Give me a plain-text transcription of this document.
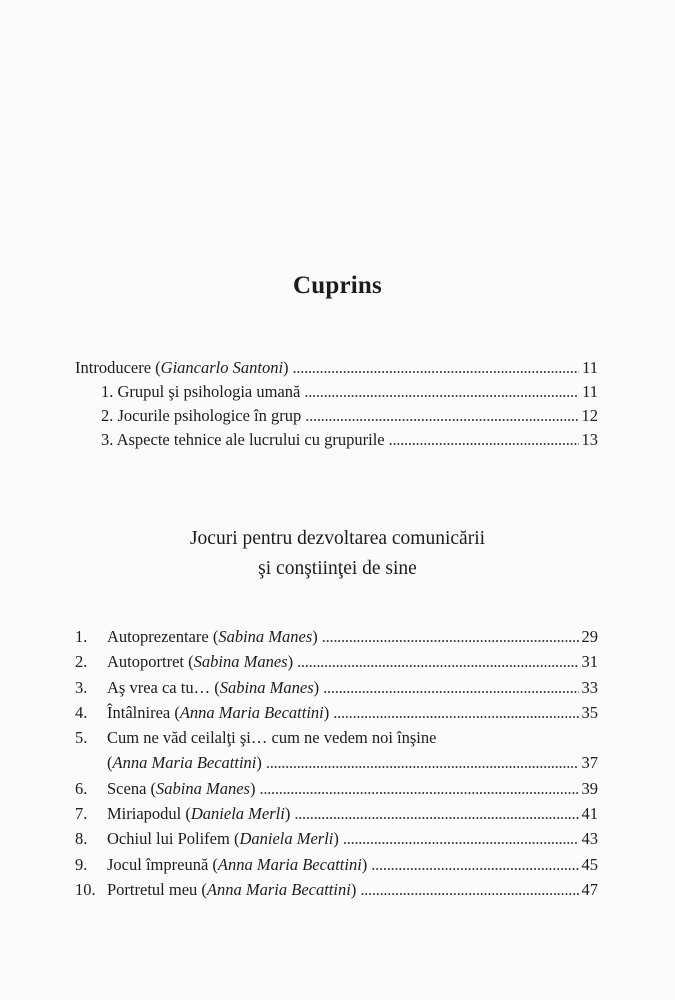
Cuprins
Introducere (Giancarlo Santoni) . . .	11
1. Grupul şi psihologia umană . . .	11
2. Jocurile psihologice în grup . . .	12
3. Aspecte tehnice ale lucrului cu grupurile . . .	13
Jocuri pentru dezvoltarea comunicării
şi conştiinţei de sine
1.	Autoprezentare (Sabina Manes) . . .	29
2.	Autoportret (Sabina Manes) . . .	31
3.	Aş vrea ca tu… (Sabina Manes) . . .	33
4.	Întâlnirea (Anna Maria Becattini) . . .	35
5.	Cum ne văd ceilalţi şi… cum ne vedem noi înşine
(Anna Maria Becattini) . . .	37
6.	Scena (Sabina Manes) . . .	39
7.	Miriapodul (Daniela Merli) . . .	41
8.	Ochiul lui Polifem (Daniela Merli) . . .	43
9.	Jocul împreună (Anna Maria Becattini) . . .	45
10. Portretul meu (Anna Maria Becattini) . . .	47
